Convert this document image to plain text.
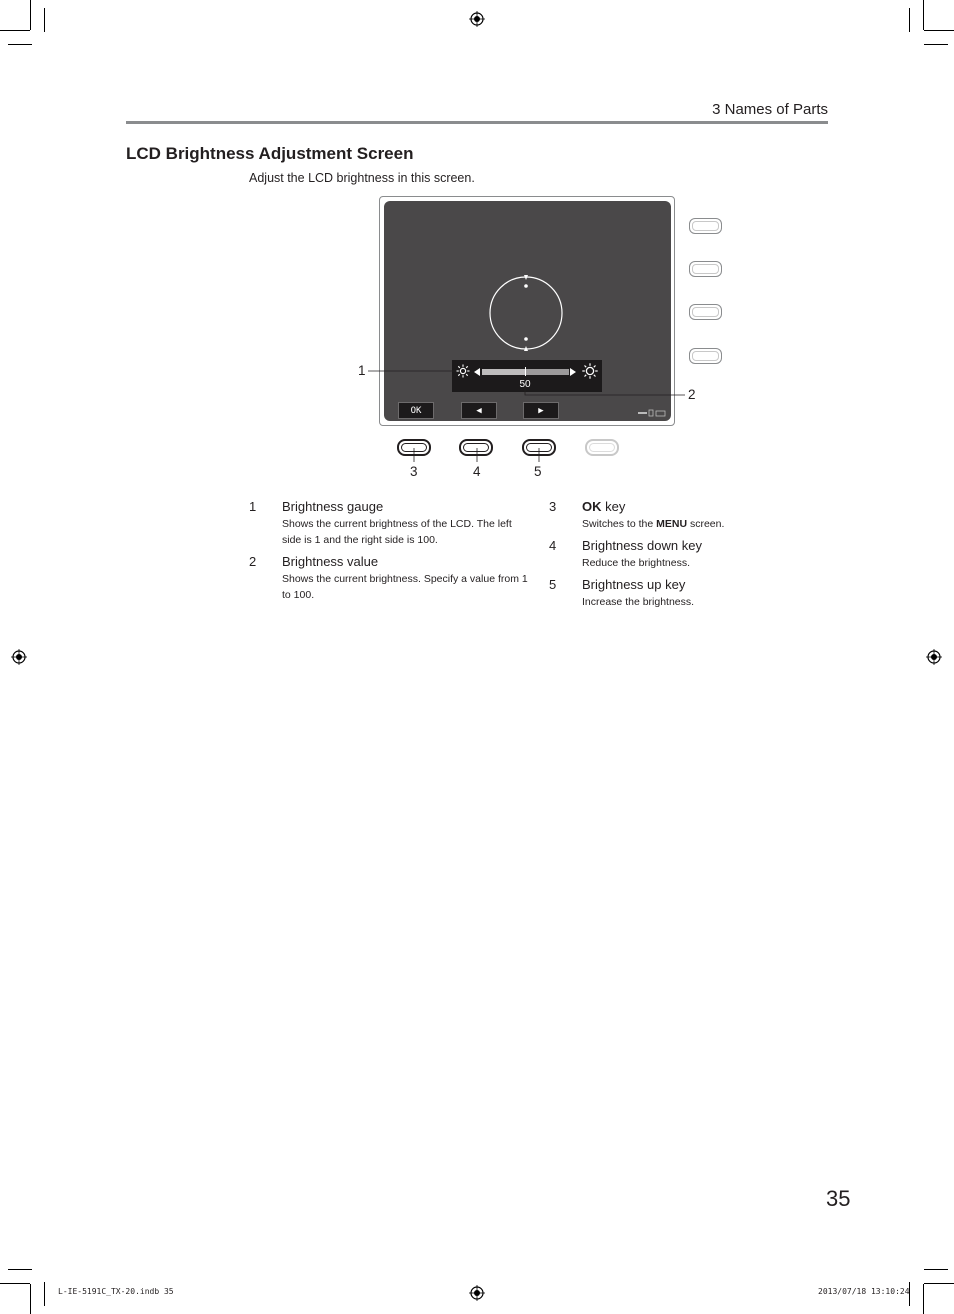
3 Names of Parts
LCD Brightness Adjustment Screen
Adjust the LCD brightness in this screen.
50
OK	◀	▶
1
2
3	4	5
1 Brightness gauge
Shows the current brightness of the LCD. The left side is 1 and the right side is 100.
2 Brightness value
Shows the current brightness. Specify a value from 1 to 100.
3 OK key
Switches to the MENU screen.
4 Brightness down key
Reduce the brightness.
5 Brightness up key
Increase the brightness.
35
L-IE-5191C_TX-20.indb 35	2013/07/18 13:10:24
